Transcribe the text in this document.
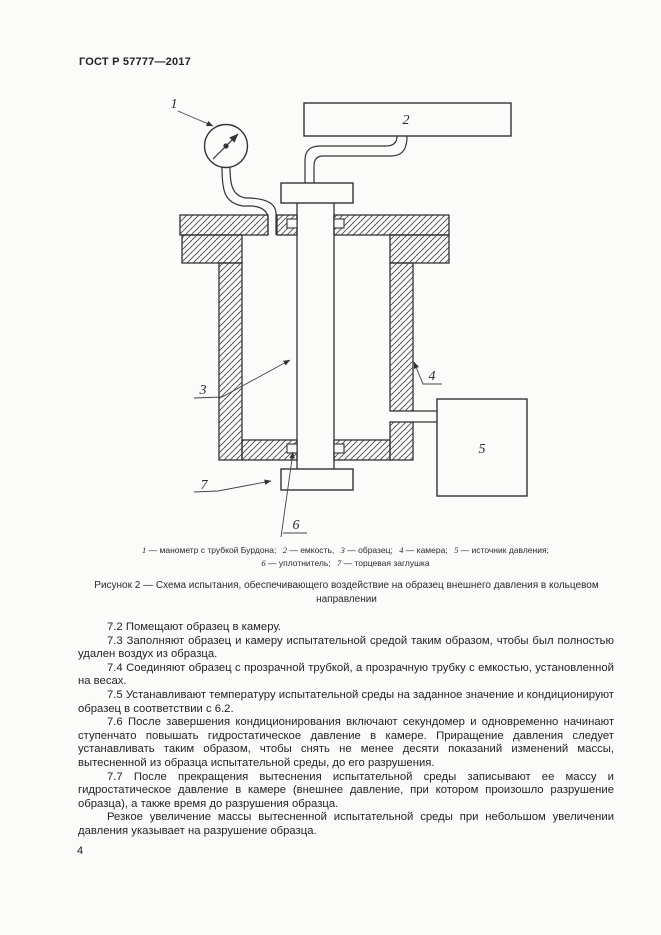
ГОСТ Р 57777—2017
1
2
3
4
5
6
7
1 — манометр с трубкой Бурдона; 2 — емкость, 3 — образец; 4 — камера; 5 — источник давления;
6 — уплотнитель; 7 — торцевая заглушка
Рисунок 2 — Схема испытания, обеспечивающего воздействие на образец внешнего давления в кольцевом направлении

7.2 Помещают образец в камеру.

7.3 Заполняют образец и камеру испытательной средой таким образом, чтобы был полностью удален воздух из образца.

7.4 Соединяют образец с прозрачной трубкой, а прозрачную трубку с емкостью, установленной на весах.

7.5 Устанавливают температуру испытательной среды на заданное значение и кондиционируют образец в соответствии с 6.2.

7.6 После завершения кондиционирования включают секундомер и одновременно начинают ступенчато повышать гидростатическое давление в камере. Приращение давления следует устанавливать таким образом, чтобы снять не менее десяти показаний изменений массы, вытесненной из образца испытательной среды, до его разрушения.

7.7 После прекращения вытеснения испытательной среды записывают ее массу и гидростатическое давление в камере (внешнее давление, при котором произошло разрушение образца), а также время до разрушения образца.

Резкое увеличение массы вытесненной испытательной среды при небольшом увеличении давления указывает на разрушение образца.

4
